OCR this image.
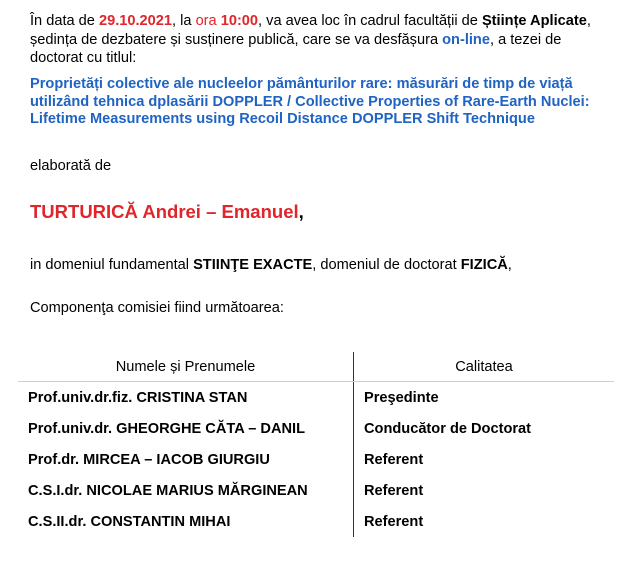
În data de 29.10.2021, la ora 10:00, va avea loc în cadrul facultății de Științe Aplicate, ședința de dezbatere și susținere publică, care se va desfășura on-line, a tezei de doctorat cu titlul:
Proprietăți colective ale nucleelor pământurilor rare: măsurări de timp de viață utilizând tehnica dplasării DOPPLER / Collective Properties of Rare-Earth Nuclei: Lifetime Measurements using Recoil Distance DOPPLER Shift Technique
elaborată de
TURTURICĂ Andrei – Emanuel,
in domeniul fundamental STIINŢE EXACTE, domeniul de doctorat FIZICĂ,
Componenţa comisiei fiind următoarea:
Numele și Prenumele	Calitatea
Prof.univ.dr.fiz. CRISTINA STAN	Preşedinte
Prof.univ.dr. GHEORGHE CĂTA – DANIL	Conducător de Doctorat
Prof.dr. MIRCEA – IACOB GIURGIU	Referent
C.S.I.dr. NICOLAE MARIUS MĂRGINEAN	Referent
C.S.II.dr. CONSTANTIN MIHAI	Referent
